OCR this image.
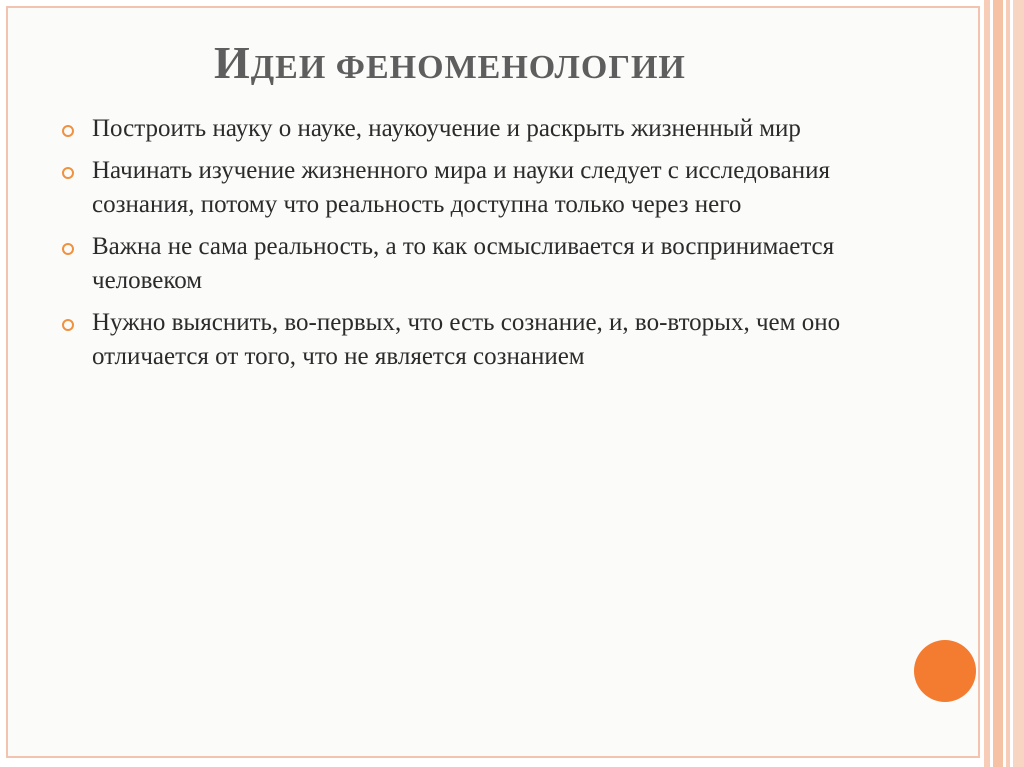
ИДЕИ ФЕНОМЕНОЛОГИИ
Построить науку о науке, наукоучение и раскрыть жизненный мир
Начинать изучение жизненного мира и науки следует с исследования сознания, потому что реальность доступна только через него
Важна не сама реальность, а то как осмысливается и воспринимается человеком
Нужно выяснить, во-первых, что есть сознание, и, во-вторых, чем оно отличается от того, что не является сознанием
